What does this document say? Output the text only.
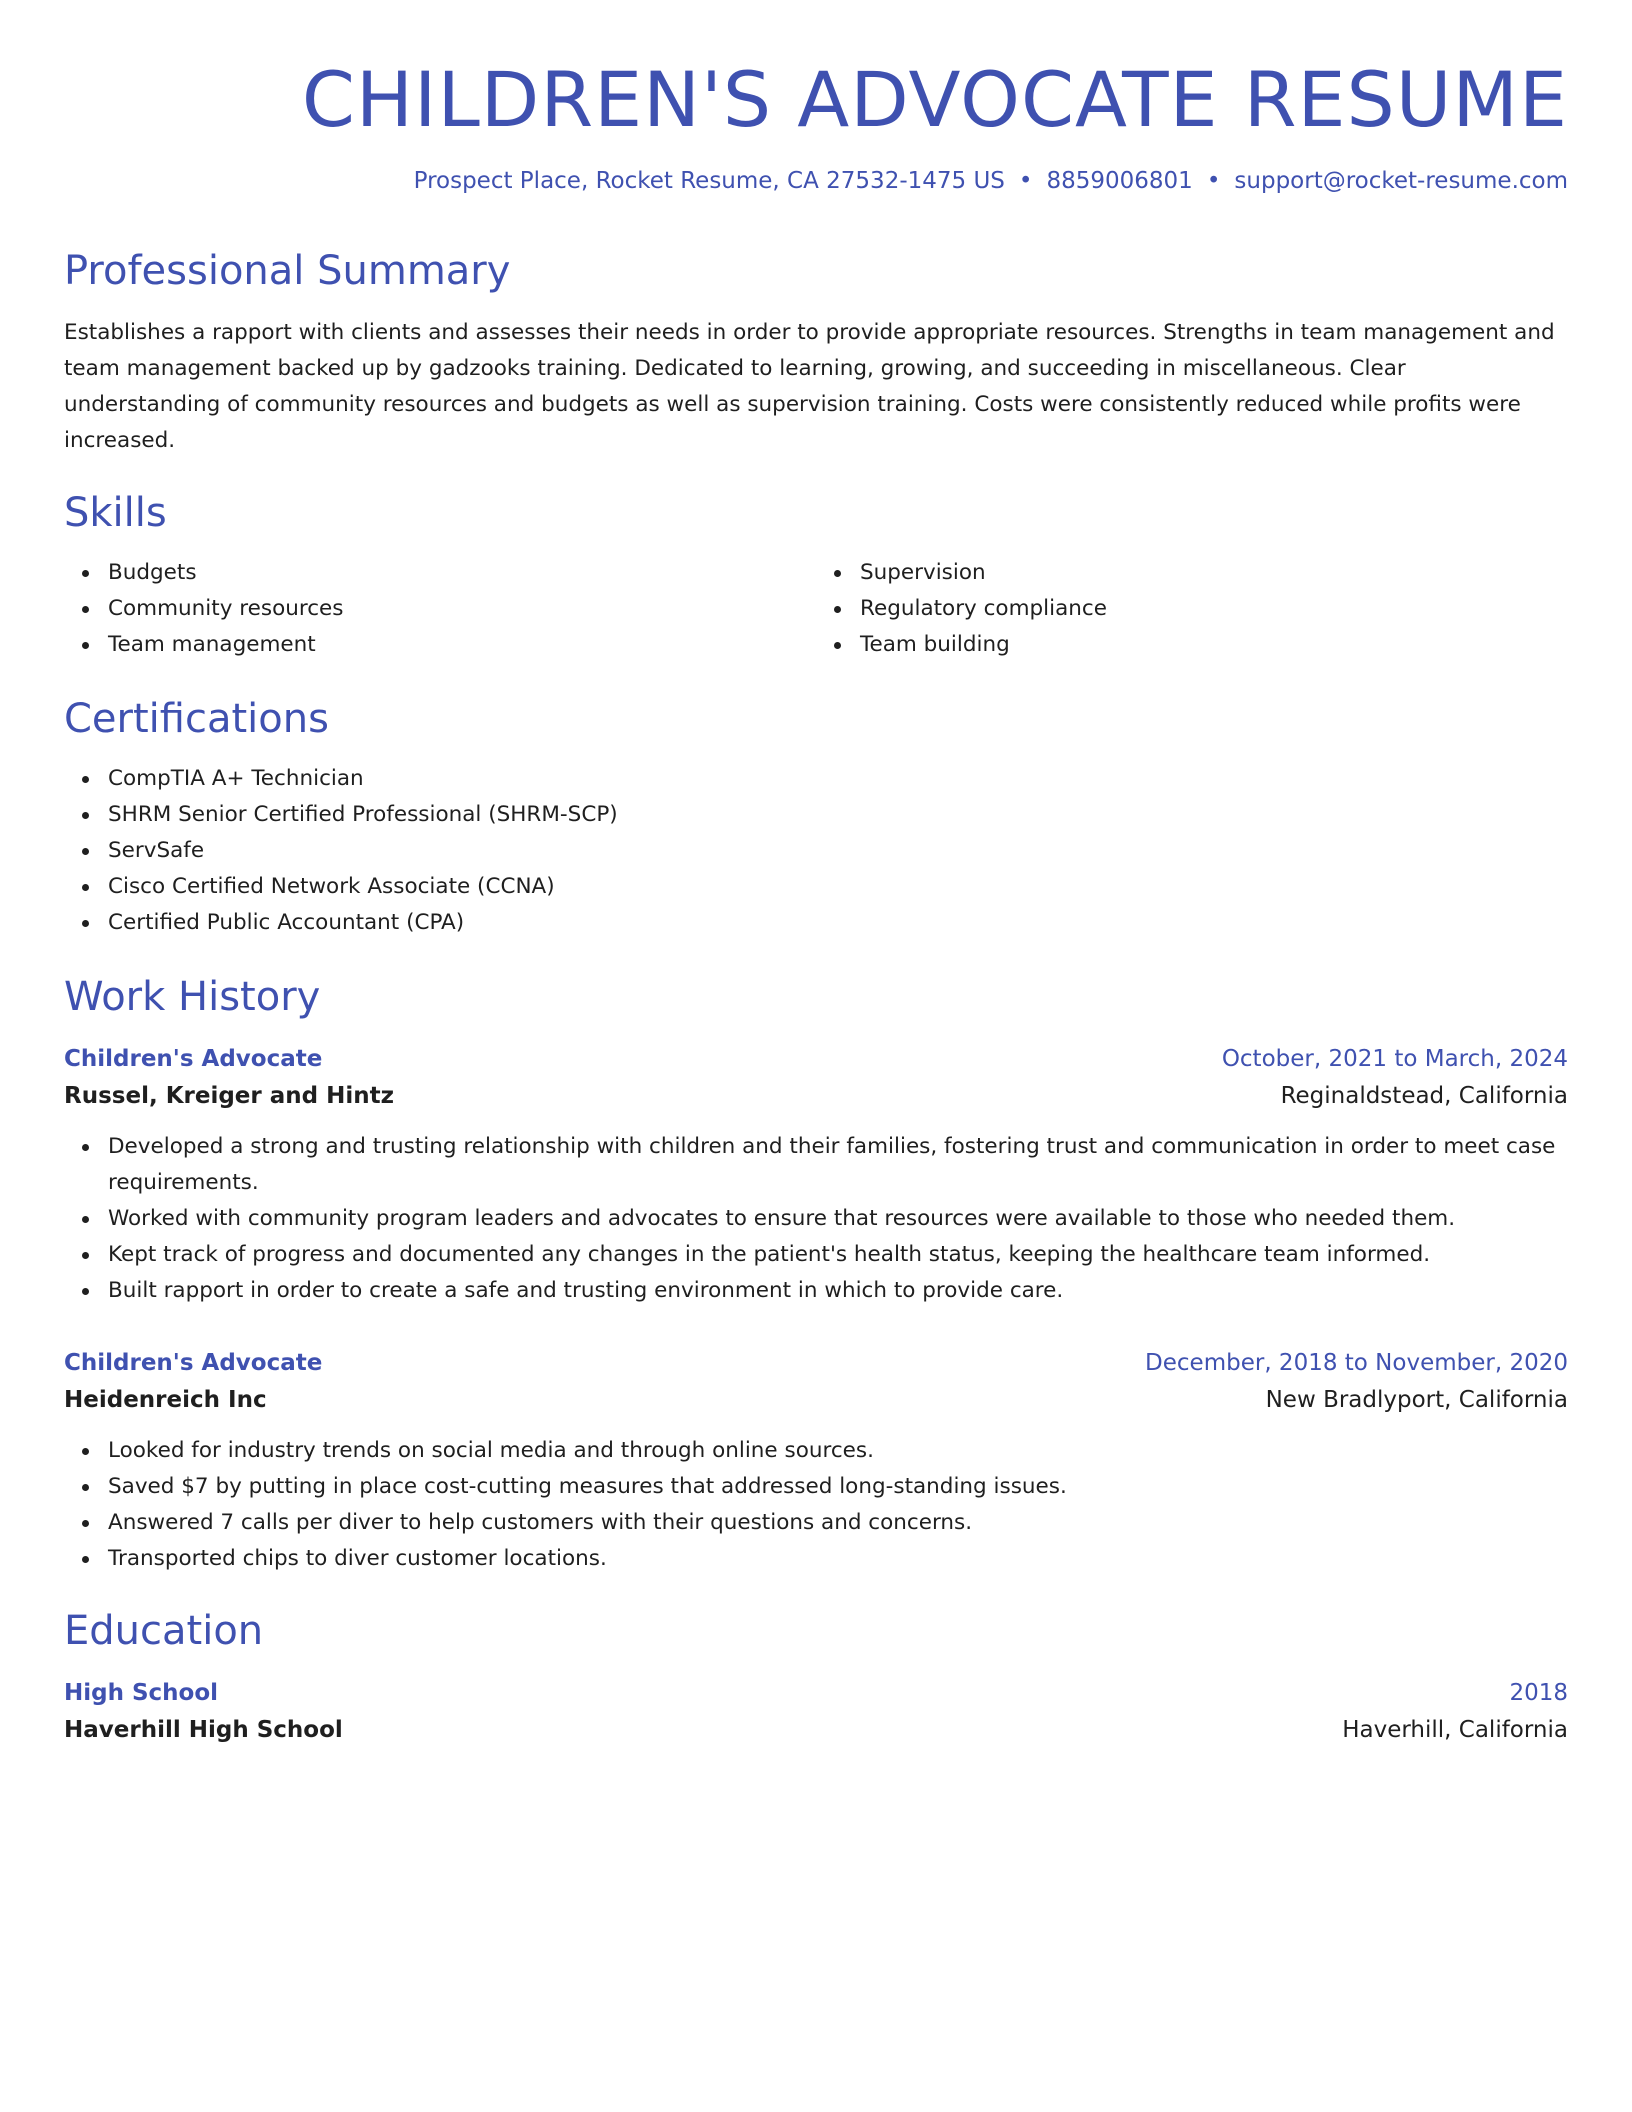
CHILDREN'S ADVOCATE RESUME
Prospect Place, Rocket Resume, CA 27532-1475 US • 8859006801 • support@rocket-resume.com
Professional Summary
Establishes a rapport with clients and assesses their needs in order to provide appropriate resources. Strengths in team management and team management backed up by gadzooks training. Dedicated to learning, growing, and succeeding in miscellaneous. Clear understanding of community resources and budgets as well as supervision training. Costs were consistently reduced while profits were increased.
Skills
Budgets
Community resources
Team management
Supervision
Regulatory compliance
Team building
Certifications
CompTIA A+ Technician
SHRM Senior Certified Professional (SHRM-SCP)
ServSafe
Cisco Certified Network Associate (CCNA)
Certified Public Accountant (CPA)
Work History
Children's Advocate	October, 2021 to March, 2024
Russel, Kreiger and Hintz	Reginaldstead, California
Developed a strong and trusting relationship with children and their families, fostering trust and communication in order to meet case requirements.
Worked with community program leaders and advocates to ensure that resources were available to those who needed them.
Kept track of progress and documented any changes in the patient's health status, keeping the healthcare team informed.
Built rapport in order to create a safe and trusting environment in which to provide care.
Children's Advocate	December, 2018 to November, 2020
Heidenreich Inc	New Bradlyport, California
Looked for industry trends on social media and through online sources.
Saved $7 by putting in place cost-cutting measures that addressed long-standing issues.
Answered 7 calls per diver to help customers with their questions and concerns.
Transported chips to diver customer locations.
Education
High School	2018
Haverhill High School	Haverhill, California
